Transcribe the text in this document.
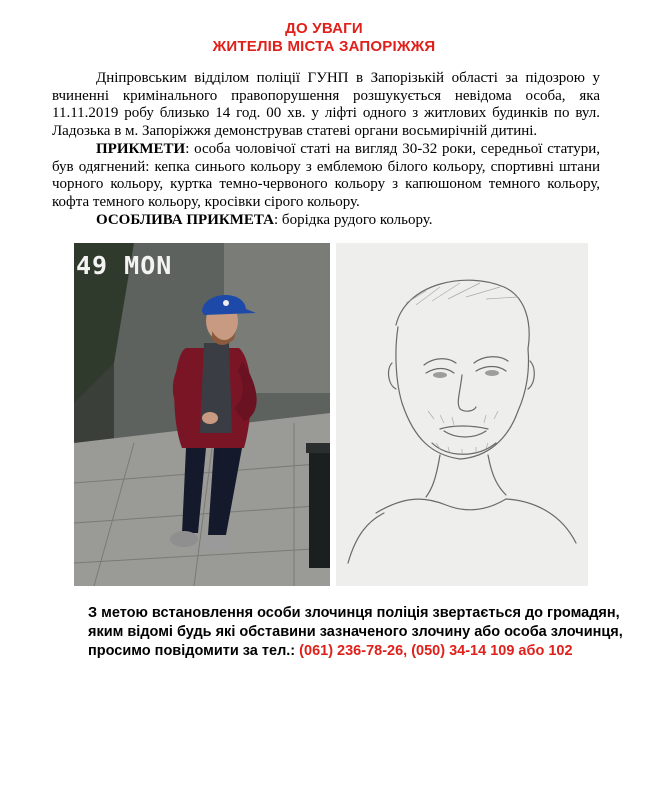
ДО УВАГИ
ЖИТЕЛІВ МІСТА ЗАПОРІЖЖЯ
Дніпровським відділом поліції ГУНП в Запорізькій області за підозрою у вчиненні кримінального правопорушення розшукується невідома особа, яка 11.11.2019 робу близько 14 год. 00 хв. у ліфті одного з житлових будинків по вул. Ладозька в м. Запоріжжя демонстрував статеві органи восьмирічній дитині.
ПРИКМЕТИ: особа чоловічої статі на вигляд 30-32 роки, середньої статури, був одягнений: кепка синього кольору з емблемою білого кольору, спортивні штани чорного кольору, куртка темно-червоного кольору з капюшоном темного кольору, кофта темного кольору, кросівки сірого кольору.
ОСОБЛИВА ПРИКМЕТА: борідка рудого кольору.
49 MON
З метою встановлення особи злочинця поліція звертається до громадян,
яким відомі будь які обставини зазначеного злочину або особа злочинця,
просимо повідомити за тел.: (061) 236-78-26, (050) 34-14 109 або 102
